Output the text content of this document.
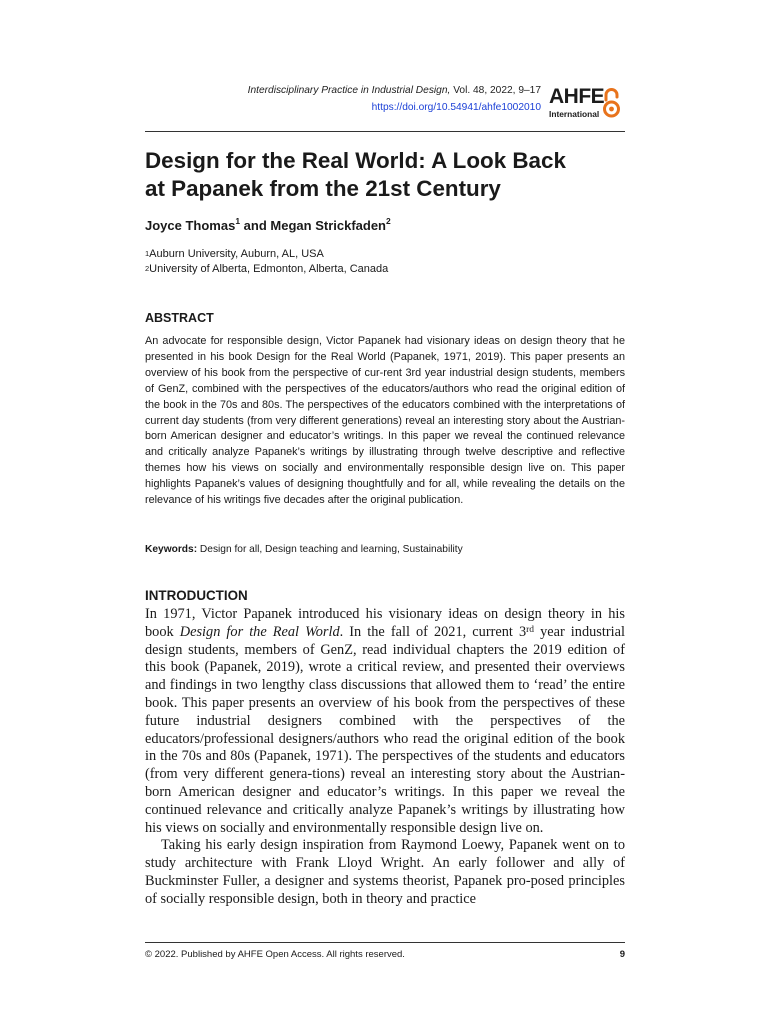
Interdisciplinary Practice in Industrial Design, Vol. 48, 2022, 9–17
https://doi.org/10.54941/ahfe1002010 AHFE
International
Design for the Real World: A Look Back
at Papanek from the 21st Century
Joyce Thomas$^1$ and Megan Strickfaden$^2$
$^1$Auburn University, Auburn, AL, USA
$^2$University of Alberta, Edmonton, Alberta, Canada
ABSTRACT

An advocate for responsible design, Victor Papanek had visionary ideas on design theory that he presented in his book Design for the Real World (Papanek, 1971, 2019). This paper presents an overview of his book from the perspective of cur-rent 3rd year industrial design students, members of GenZ, combined with the perspectives of the educators/authors who read the original edition of the book in the 70s and 80s. The perspectives of the educators combined with the interpretations of current day students (from very different generations) reveal an interesting story about the Austrian-born American designer and educator’s writings. In this paper we reveal the continued relevance and critically analyze Papanek’s writings by illustrating through twelve descriptive and reflective themes how his views on socially and environmentally responsible design live on. This paper highlights Papanek’s values of designing thoughtfully and for all, while revealing the details on the relevance of his writings five decades after the original publication.

Keywords: Design for all, Design teaching and learning, Sustainability
INTRODUCTION

In 1971, Victor Papanek introduced his visionary ideas on design theory in his book Design for the Real World. In the fall of 2021, current 3rd year industrial design students, members of GenZ, read individual chapters the 2019 edition of this book (Papanek, 2019), wrote a critical review, and presented their overviews and findings in two lengthy class discussions that allowed them to ‘read’ the entire book. This paper presents an overview of his book from the perspectives of these future industrial designers combined with the perspectives of the educators/professional designers/authors who read the original edition of the book in the 70s and 80s (Papanek, 1971). The perspectives of the students and educators (from very different genera-tions) reveal an interesting story about the Austrian-born American designer and educator’s writings. In this paper we reveal the continued relevance and critically analyze Papanek’s writings by illustrating how his views on socially and environmentally responsible design live on.

Taking his early design inspiration from Raymond Loewy, Papanek went on to study architecture with Frank Lloyd Wright. An early follower and ally of Buckminster Fuller, a designer and systems theorist, Papanek pro-posed principles of socially responsible design, both in theory and practice

© 2022. Published by AHFE Open Access. All rights reserved.	9
